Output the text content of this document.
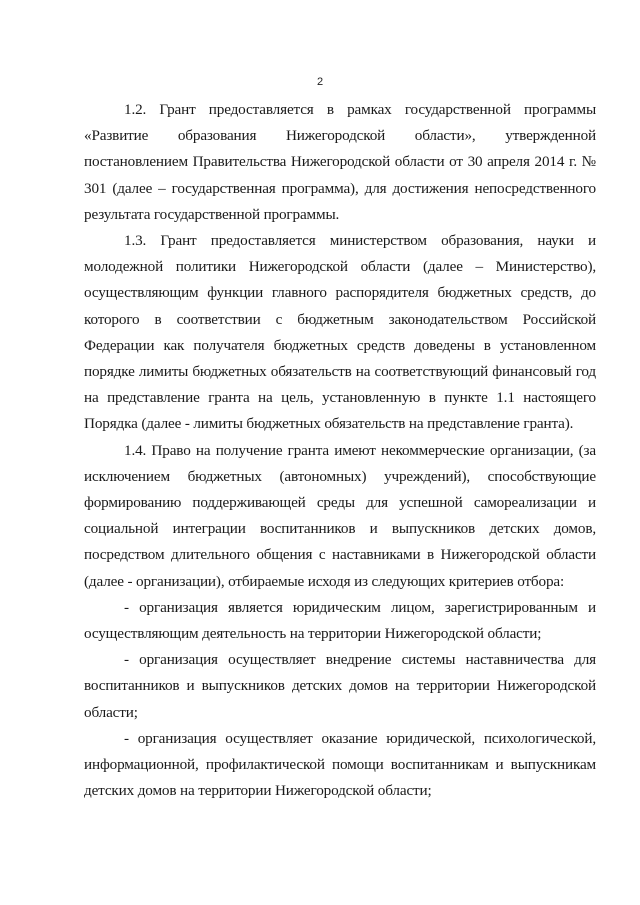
2

1.2. Грант предоставляется в рамках государственной программы «Развитие образования Нижегородской области», утвержденной постановлением Правительства Нижегородской области от 30 апреля 2014 г. № 301 (далее – государственная программа), для достижения непосредственного результата государственной программы.

1.3. Грант предоставляется министерством образования, науки и молодежной политики Нижегородской области (далее – Министерство), осуществляющим функции главного распорядителя бюджетных средств, до которого в соответствии с бюджетным законодательством Российской Федерации как получателя бюджетных средств доведены в установленном порядке лимиты бюджетных обязательств на соответствующий финансовый год на представление гранта на цель, установленную в пункте 1.1 настоящего Порядка (далее - лимиты бюджетных обязательств на представление гранта).

1.4. Право на получение гранта имеют некоммерческие организации, (за исключением бюджетных (автономных) учреждений), способствующие формированию поддерживающей среды для успешной самореализации и социальной интеграции воспитанников и выпускников детских домов, посредством длительного общения с наставниками в Нижегородской области (далее - организации), отбираемые исходя из следующих критериев отбора:

- организация является юридическим лицом, зарегистрированным и осуществляющим деятельность на территории Нижегородской области;

- организация осуществляет внедрение системы наставничества для воспитанников и выпускников детских домов на территории Нижегородской области;

- организация осуществляет оказание юридической, психологической, информационной, профилактической помощи воспитанникам и выпускникам детских домов на территории Нижегородской области;
